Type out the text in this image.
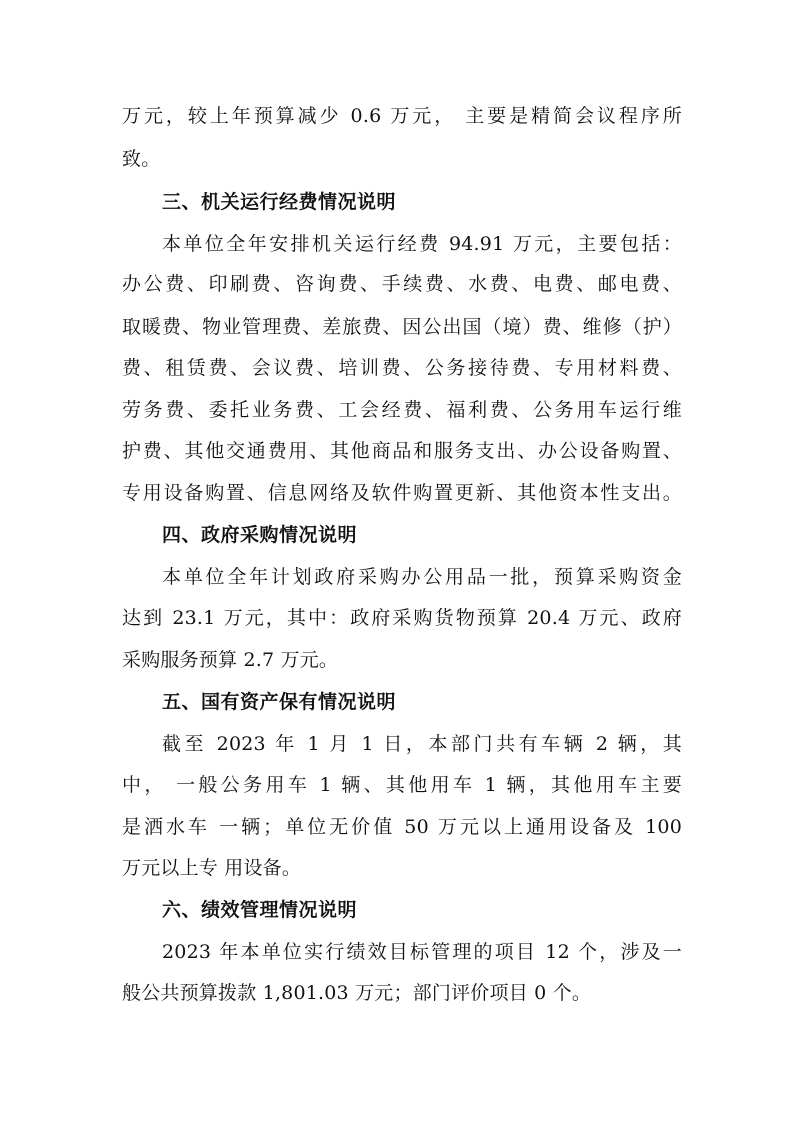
万元，较上年预算减少 0.6 万元， 主要是精简会议程序所
致。
三、机关运行经费情况说明
本单位全年安排机关运行经费 94.91 万元，主要包括：
办公费、印刷费、咨询费、手续费、水费、电费、邮电费、
取暖费、物业管理费、差旅费、因公出国（境）费、维修（护）
费、租赁费、会议费、培训费、公务接待费、专用材料费、
劳务费、委托业务费、工会经费、福利费、公务用车运行维
护费、其他交通费用、其他商品和服务支出、办公设备购置、
专用设备购置、信息网络及软件购置更新、其他资本性支出。
四、政府采购情况说明
本单位全年计划政府采购办公用品一批，预算采购资金
达到 23.1 万元，其中：政府采购货物预算 20.4 万元、政府
采购服务预算 2.7 万元。
五、国有资产保有情况说明
截至 2023 年 1 月 1 日，本部门共有车辆 2 辆，其
中， 一般公务用车 1 辆、其他用车 1 辆，其他用车主要
是洒水车 一辆；单位无价值 50 万元以上通用设备及 100
万元以上专 用设备。
六、绩效管理情况说明
2023 年本单位实行绩效目标管理的项目 12 个，涉及一
般公共预算拨款 1,801.03 万元；部门评价项目 0 个。
